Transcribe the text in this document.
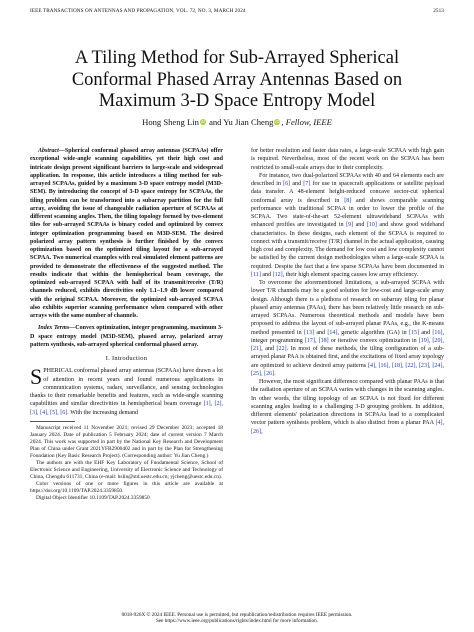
IEEE TRANSACTIONS ON ANTENNAS AND PROPAGATION, VOL. 72, NO. 3, MARCH 2024	2513
A Tiling Method for Sub-Arrayed Spherical
Conformal Phased Array Antennas Based on
Maximum 3-D Space Entropy Model
Hong Sheng Lin iD and Yu Jian Cheng iD , Fellow, IEEE

Abstract—Spherical conformal phased array antennas (SCPAAs) offer exceptional wide-angle scanning capabilities, yet their high cost and intricate design present significant barriers to large-scale and widespread application. In response, this article introduces a tiling method for sub-arrayed SCPAAs, guided by a maximum 3-D space entropy model (M3D-SEM). By introducing the concept of 3-D space entropy for SCPAAs, the tiling problem can be transformed into a subarray partition for the full array, avoiding the issue of changeable radiation aperture of SCPAAs at different scanning angles. Then, the tiling topology formed by two-element tiles for sub-arrayed SCPAAs is binary coded and optimized by convex integer optimization programming based on M3D-SEM. The desired polarized array pattern synthesis is further finished by the convex optimization based on the optimized tiling layout for a sub-arrayed SCPAA. Two numerical examples with real simulated element patterns are provided to demonstrate the effectiveness of the suggested method. The results indicate that within the hemispherical beam coverage, the optimized sub-arrayed SCPAA with half of its transmit/receive (T/R) channels reduced, exhibits directivities only 1.1–1.9 dB lower compared with the original SCPAA. Moreover, the optimized sub-arrayed SCPAA also exhibits superior scanning performance when compared with other arrays with the same number of channels.

Index Terms—Convex optimization, integer programming, maximum 3-D space entropy model (M3D-SEM), phased array, polarized array pattern synthesis, sub-arrayed spherical conformal phased array.

I. Introduction

SPHERICAL conformal phased array antennas (SCPAAs) have drawn a lot of attention in recent years and found numerous applications in communication systems, radars, surveillance, and sensing technologies thanks to their remarkable benefits and features, such as wide-angle scanning capabilities and similar directivities in hemispherical beam coverage [1], [2], [3], [4], [5], [6]. With the increasing demand

Manuscript received 11 November 2021; revised 29 December 2023; accepted 18 January 2024. Date of publication 5 February 2024; date of current version 7 March 2024. This work was supported in part by the National Key Research and Development Plan of China under Grant 2021YFB2900402 and in part by the Plan for Strengthening Foundation (Key Basic Research Project). (Corresponding author: Yu Jian Cheng.)

The authors are with the EHF Key Laboratory of Fundamental Science, School of Electronic Science and Engineering, University of Electronic Science and Technology of China, Chengdu 611731, China (e-mail: hslin@std.uestc.edu.cn; yjcheng@uestc.edu.cn).

Color versions of one or more figures in this article are available at https://doi.org/10.1109/TAP.2024.3359850.

Digital Object Identifier 10.1109/TAP.2024.3359850

for better resolution and faster data rates, a large-scale SCPAA with high gain is required. Nevertheless, most of the recent work on the SCPAA has been restricted to small-scale arrays due to their complexity.

For instance, two dual-polarized SCPAAs with 40 and 64 elements each are described in [6] and [7] for use in spacecraft applications or satellite payload data transfer. A 48-element height-reduced concave sector-cut spherical conformal array is described in [8] and shows comparable scanning performance with traditional SCPAA in order to lower the profile of the SCPAA. Two state-of-the-art 52-element ultrawideband SCPAAs with enhanced profiles are investigated in [9] and [10] and show good wideband characteristics. In these designs, each element of the SCPAA is required to connect with a transmit/receive (T/R) channel in the actual application, causing high cost and complexity. The demand for low cost and low complexity cannot be satisfied by the current design methodologies when a large-scale SCPAA is required. Despite the fact that a few sparse SCPAAs have been documented in [11] and [12], their high element spacing causes low array efficiency.

To overcome the aforementioned limitations, a sub-arrayed SCPAA with lower T/R channels may be a good solution for low-cost and large-scale array design. Although there is a plethora of research on subarray tiling for planar phased array antennas (PAAs), there has been relatively little research on sub-arrayed SCPAAs. Numerous theoretical methods and models have been proposed to address the layout of sub-arrayed planar PAAs, e.g., the K-means method presented in [13] and [14], genetic algorithm (GA) in [15] and [16], integer programming [17], [18] or iterative convex optimization in [19], [20], [21], and [22]. In most of these methods, the tiling configuration of a sub-arrayed planar PAA is obtained first, and the excitations of fixed array topology are optimized to achieve desired array patterns [4], [16], [18], [22], [23], [24], [25], [26].

However, the most significant difference compared with planar PAAs is that the radiation aperture of an SCPAA varies with changes in the scanning angles. In other words, the tiling topology of an SCPAA is not fixed for different scanning angles leading to a challenging 3-D grouping problem. In addition, different elements' polarization directions in SCPAAs lead to a complicated vector pattern synthesis problem, which is also distinct from a planar PAA [4], [26],

0018-926X © 2024 IEEE. Personal use is permitted, but republication/redistribution requires IEEE permission.
See https://www.ieee.org/publications/rights/index.html for more information.
